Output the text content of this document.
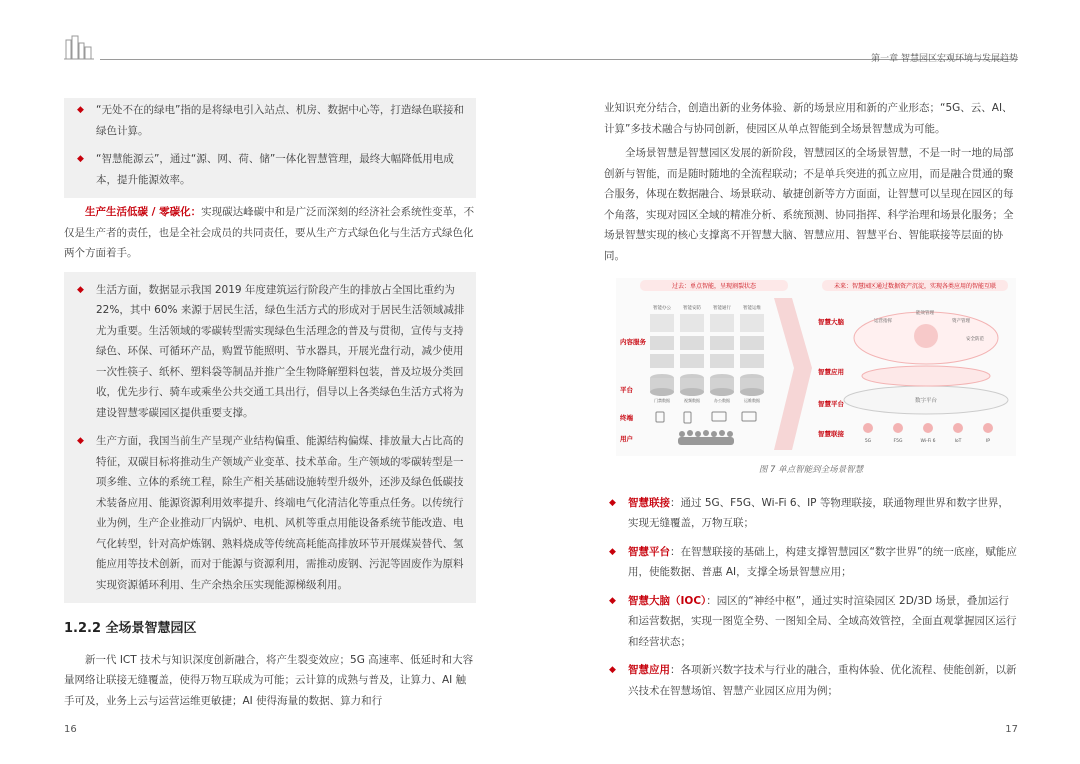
第一章 智慧园区宏观环境与发展趋势
◆ “无处不在的绿电”指的是将绿电引入站点、机房、数据中心等，打造绿色联接和绿色计算。
◆ “智慧能源云”，通过“源、网、荷、储”一体化智慧管理，最终大幅降低用电成本，提升能源效率。
生产生活低碳 / 零碳化：实现碳达峰碳中和是广泛而深刻的经济社会系统性变革，不仅是生产者的责任，也是全社会成员的共同责任，要从生产方式绿色化与生活方式绿色化两个方面着手。
◆ 生活方面，数据显示我国 2019 年度建筑运行阶段产生的排放占全国比重约为 22%，其中 60% 来源于居民生活，绿色生活方式的形成对于居民生活领域减排尤为重要。生活领域的零碳转型需实现绿色生活理念的普及与贯彻，宣传与支持绿色、环保、可循环产品，购置节能照明、节水器具，开展光盘行动，减少使用一次性筷子、纸杯、塑料袋等制品并推广全生物降解塑料包装，普及垃圾分类回收，优先步行、骑车或乘坐公共交通工具出行，倡导以上各类绿色生活方式将为建设智慧零碳园区提供重要支撑。
◆ 生产方面，我国当前生产呈现产业结构偏重、能源结构偏煤、排放量大占比高的特征，双碳目标将推动生产领域产业变革、技术革命。生产领域的零碳转型是一项多维、立体的系统工程，除生产相关基础设施转型升级外，还涉及绿色低碳技术装备应用、能源资源利用效率提升、终端电气化清洁化等重点任务。以传统行业为例，生产企业推动厂内锅炉、电机、风机等重点用能设备系统节能改造、电气化转型，针对高炉炼钢、熟料烧成等传统高耗能高排放环节开展煤炭替代、氢能应用等技术创新，而对于能源与资源利用，需推动废钢、污泥等固废作为原料实现资源循环利用、生产余热余压实现能源梯级利用。
1.2.2 全场景智慧园区
新一代 ICT 技术与知识深度创新融合，将产生裂变效应；5G 高速率、低延时和大容量网络让联接无缝覆盖，使得万物互联成为可能；云计算的成熟与普及，让算力、AI 触手可及，业务上云与运营运维更敏捷；AI 使得海量的数据、算力和行
业知识充分结合，创造出新的业务体验、新的场景应用和新的产业形态；“5G、云、AI、计算”多技术融合与协同创新，使园区从单点智能到全场景智慧成为可能。
全场景智慧是智慧园区发展的新阶段，智慧园区的全场景智慧，不是一时一地的局部创新与智能，而是随时随地的全流程联动；不是单兵突进的孤立应用，而是融合贯通的聚合服务，体现在数据融合、场景联动、敏捷创新等方方面面，让智慧可以呈现在园区的每个角落，实现对园区全域的精准分析、系统预测、协同指挥、科学治理和场景化服务；全场景智慧实现的核心支撑离不开智慧大脑、智慧应用、智慧平台、智能联接等层面的协同。
过去：单点智能，呈现割裂状态	未来：智慧园区通过数据资产沉淀，实现各类应用的智能互联
内容服务
平台
终端
用户
智能办公
门禁数据
智能安防
视频数据
智能通行
办公数据
智能运维
运维数据
智慧大脑
智慧应用
智慧平台
智慧联接
运营指挥
能效管理
资产管理
安全防范
数字平台
5G	F5G	Wi-Fi 6	IoT	IP
图 7 单点智能到全场景智慧
◆ 智慧联接：通过 5G、F5G、Wi-Fi 6、IP 等物理联接，联通物理世界和数字世界，实现无缝覆盖，万物互联；
◆ 智慧平台：在智慧联接的基础上，构建支撑智慧园区“数字世界”的统一底座，赋能应用，使能数据、普惠 AI，支撑全场景智慧应用；
◆ 智慧大脑（IOC）：园区的“神经中枢”，通过实时渲染园区 2D/3D 场景，叠加运行和运营数据，实现一图览全势、一图知全局、全域高效管控，全面直观掌握园区运行和经营状态；
◆ 智慧应用：各项新兴数字技术与行业的融合，重构体验、优化流程、使能创新，以新兴技术在智慧场馆、智慧产业园区应用为例；
16	17
